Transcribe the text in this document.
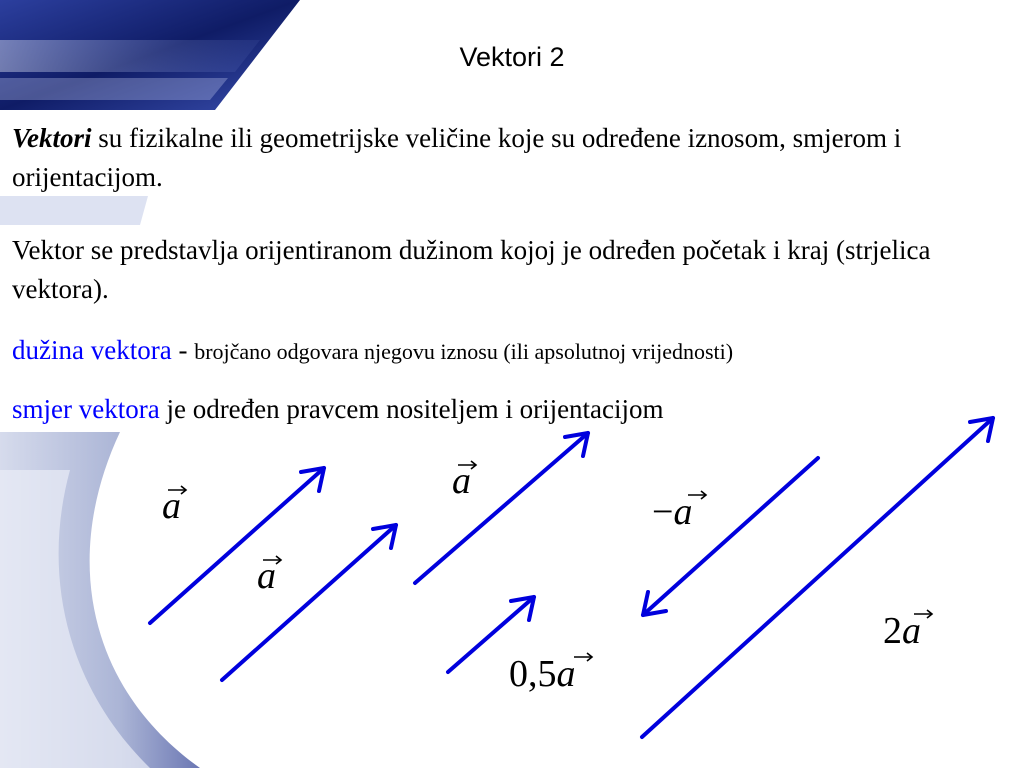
Vektori 2
Vektori su fizikalne ili geometrijske veličine koje su određene iznosom, smjerom i orijentacijom.
Vektor se predstavlja orijentiranom dužinom kojoj je određen početak i kraj (strjelica vektora).
dužina vektora - brojčano odgovara njegovu iznosu (ili apsolutnoj vrijednosti)
smjer vektora je određen pravcem nositeljem i orijentacijom
a
a
a
−a
2a
0,5a
